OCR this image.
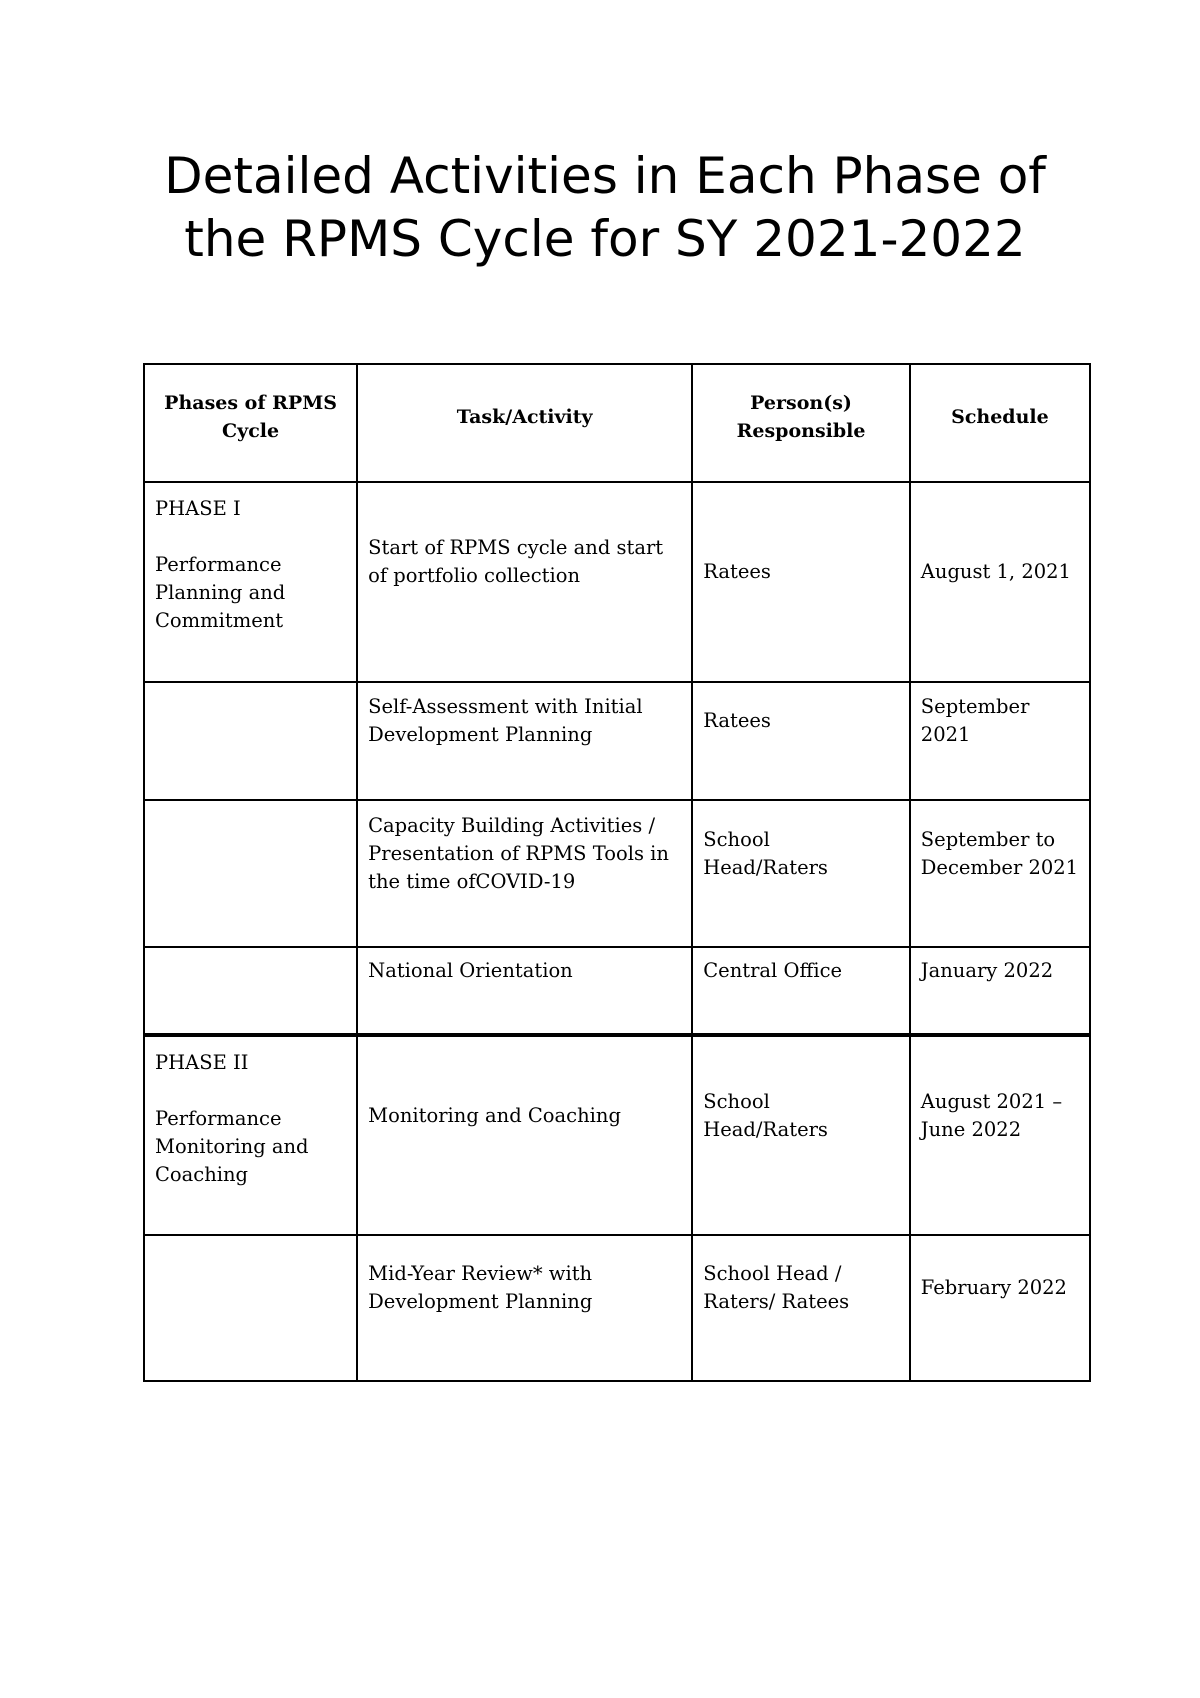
Detailed Activities in Each Phase of the RPMS Cycle for SY 2021-2022
Phases of RPMS Cycle	Task/Activity	Person(s) Responsible	Schedule

PHASE I
Performance Planning and Commitment	Start of RPMS cycle and start of portfolio collection	Ratees	August 1, 2021

	Self-Assessment with Initial Development Planning	Ratees	September 2021

	Capacity Building Activities / Presentation of RPMS Tools in the time ofCOVID-19	School Head/Raters	September to December 2021

	National Orientation	Central Office	January 2022

PHASE II
Performance Monitoring and Coaching	Monitoring and Coaching	School Head/Raters	August 2021 – June 2022

	Mid-Year Review* with Development Planning	School Head / Raters/ Ratees	February 2022
